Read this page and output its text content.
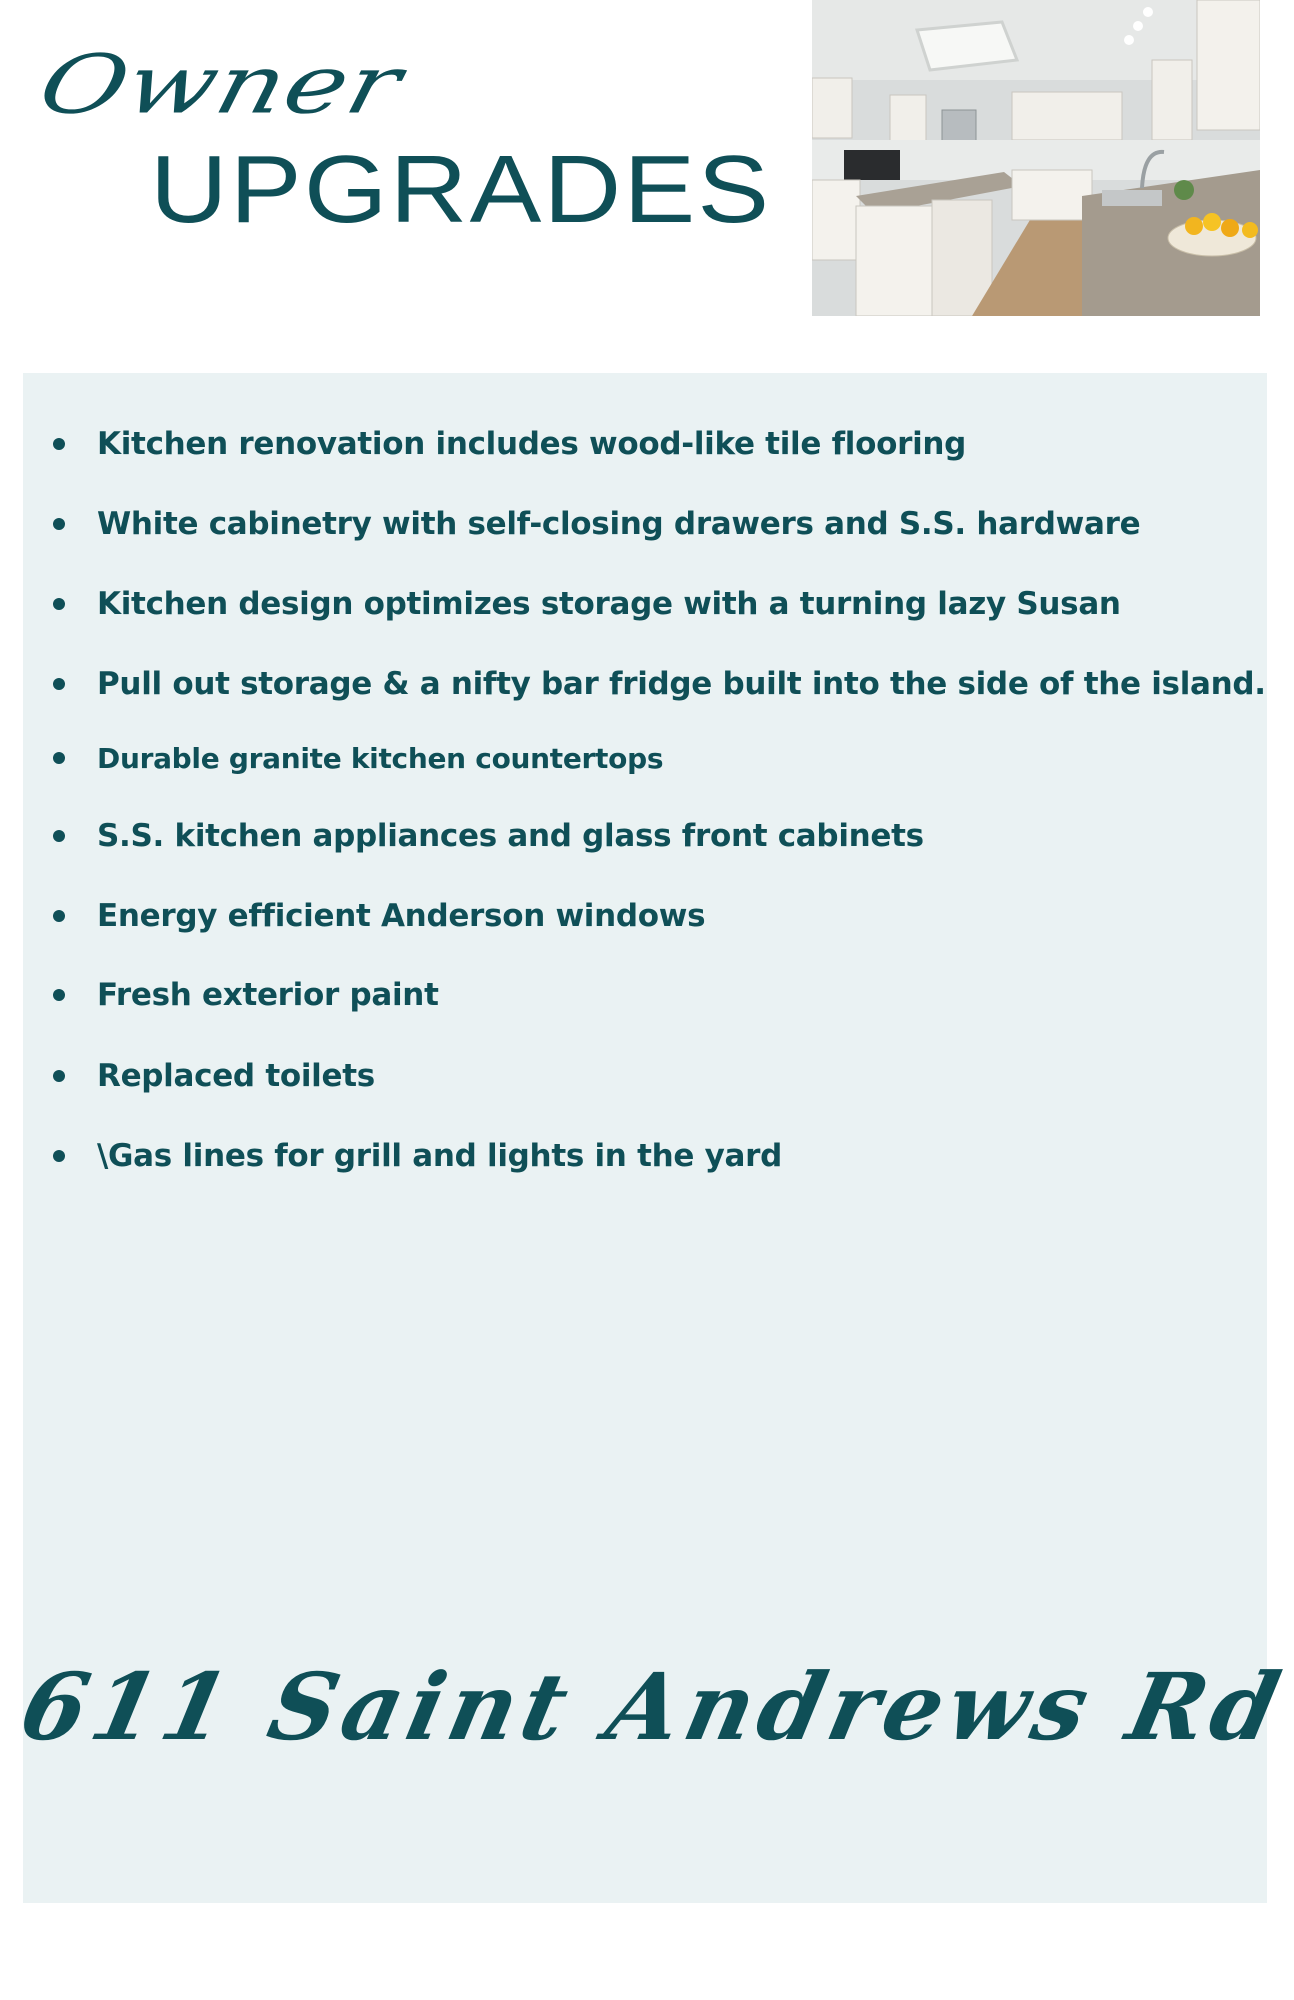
Owner
UPGRADES
Kitchen renovation includes wood-like tile flooring
White cabinetry with self-closing drawers and S.S. hardware
Kitchen design optimizes storage with a turning lazy Susan
Pull out storage & a nifty bar fridge built into the side of the island.
Durable granite kitchen countertops
S.S. kitchen appliances and glass front cabinets
Energy efficient Anderson windows
Fresh exterior paint
Replaced toilets
\Gas lines for grill and lights in the yard
611 Saint Andrews Rd
